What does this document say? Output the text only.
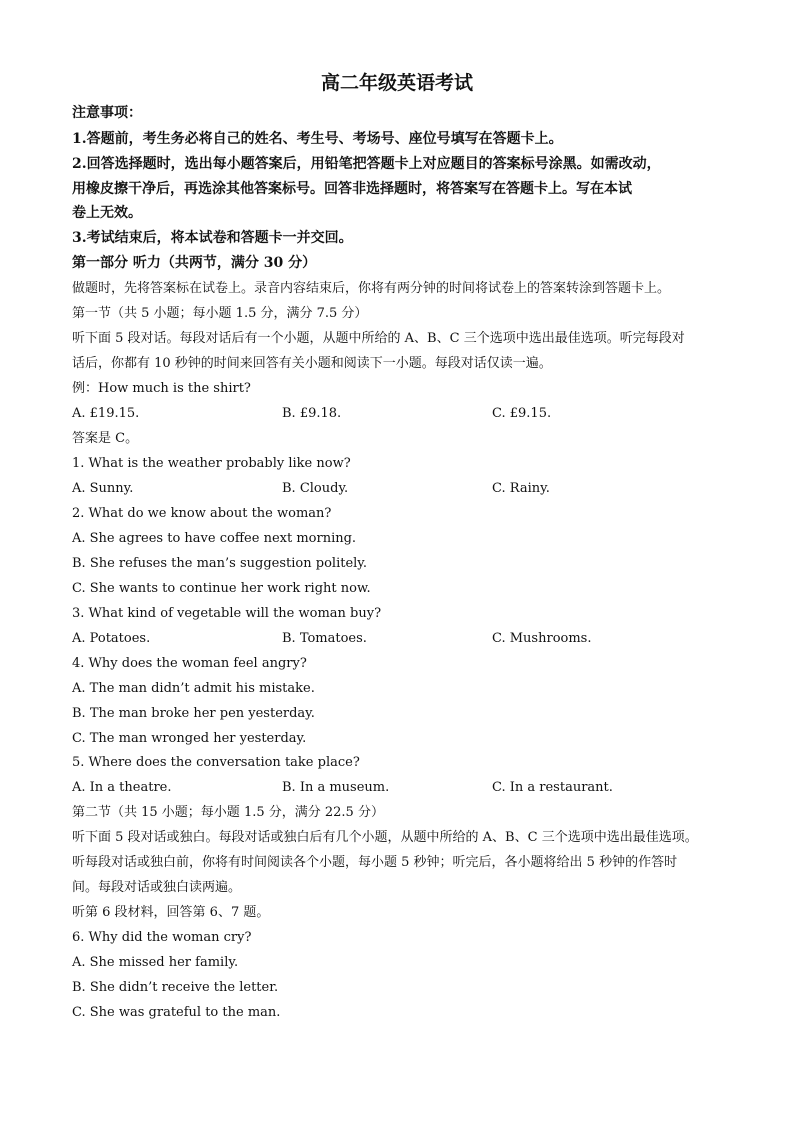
高二年级英语考试
注意事项：
1.答题前，考生务必将自己的姓名、考生号、考场号、座位号填写在答题卡上。
2.回答选择题时，选出每小题答案后，用铅笔把答题卡上对应题目的答案标号涂黑。如需改动，
用橡皮擦干净后，再选涂其他答案标号。回答非选择题时，将答案写在答题卡上。写在本试
卷上无效。
3.考试结束后，将本试卷和答题卡一并交回。
第一部分 听力（共两节，满分 30 分）
做题时，先将答案标在试卷上。录音内容结束后，你将有两分钟的时间将试卷上的答案转涂到答题卡上。
第一节（共 5 小题；每小题 1.5 分，满分 7.5 分）
听下面 5 段对话。每段对话后有一个小题，从题中所给的 A、B、C 三个选项中选出最佳选项。听完每段对
话后，你都有 10 秒钟的时间来回答有关小题和阅读下一小题。每段对话仅读一遍。
例：How much is the shirt?
A. £19.15.	B. £9.18.	C. £9.15.
答案是 C。
1. What is the weather probably like now?
A. Sunny.	B. Cloudy.	C. Rainy.
2. What do we know about the woman?
A. She agrees to have coffee next morning.
B. She refuses the man’s suggestion politely.
C. She wants to continue her work right now.
3. What kind of vegetable will the woman buy?
A. Potatoes.	B. Tomatoes.	C. Mushrooms.
4. Why does the woman feel angry?
A. The man didn’t admit his mistake.
B. The man broke her pen yesterday.
C. The man wronged her yesterday.
5. Where does the conversation take place?
A. In a theatre.	B. In a museum.	C. In a restaurant.
第二节（共 15 小题；每小题 1.5 分，满分 22.5 分）
听下面 5 段对话或独白。每段对话或独白后有几个小题，从题中所给的 A、B、C 三个选项中选出最佳选项。
听每段对话或独白前，你将有时间阅读各个小题，每小题 5 秒钟；听完后，各小题将给出 5 秒钟的作答时
间。每段对话或独白读两遍。
听第 6 段材料，回答第 6、7 题。
6. Why did the woman cry?
A. She missed her family.
B. She didn’t receive the letter.
C. She was grateful to the man.
